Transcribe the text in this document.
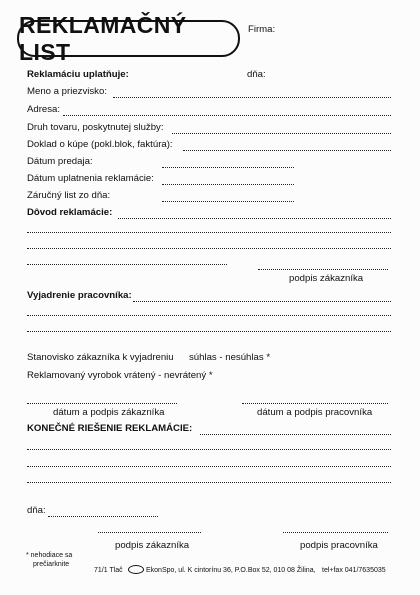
REKLAMAČNÝ LIST
Firma:
Reklamáciu uplatňuje:	dňa:
Meno a priezvisko:
Adresa:
Druh tovaru, poskytnutej služby:
Doklad o kúpe (pokl.blok, faktúra):
Dátum predaja:
Dátum uplatnenia reklamácie:
Záručný list zo dňa:
Dôvod reklamácie:
podpis zákazníka
Vyjadrenie pracovníka:
Stanovisko zákazníka k vyjadreniu súhlas - nesúhlas *
Reklamovaný vyrobok vrátený - nevrátený *
dátum a podpis zákazníka	dátum a podpis pracovníka
KONEČNÉ RIEŠENIE REKLAMÁCIE:
dňa:
podpis zákazníka	podpis pracovníka
* nehodiace sa
prečiarknite
71/1 Tlač	EkonSpo, ul. K cintorínu 36, P.O.Box 52, 010 08 Žilina, tel+fax 041/7635035
